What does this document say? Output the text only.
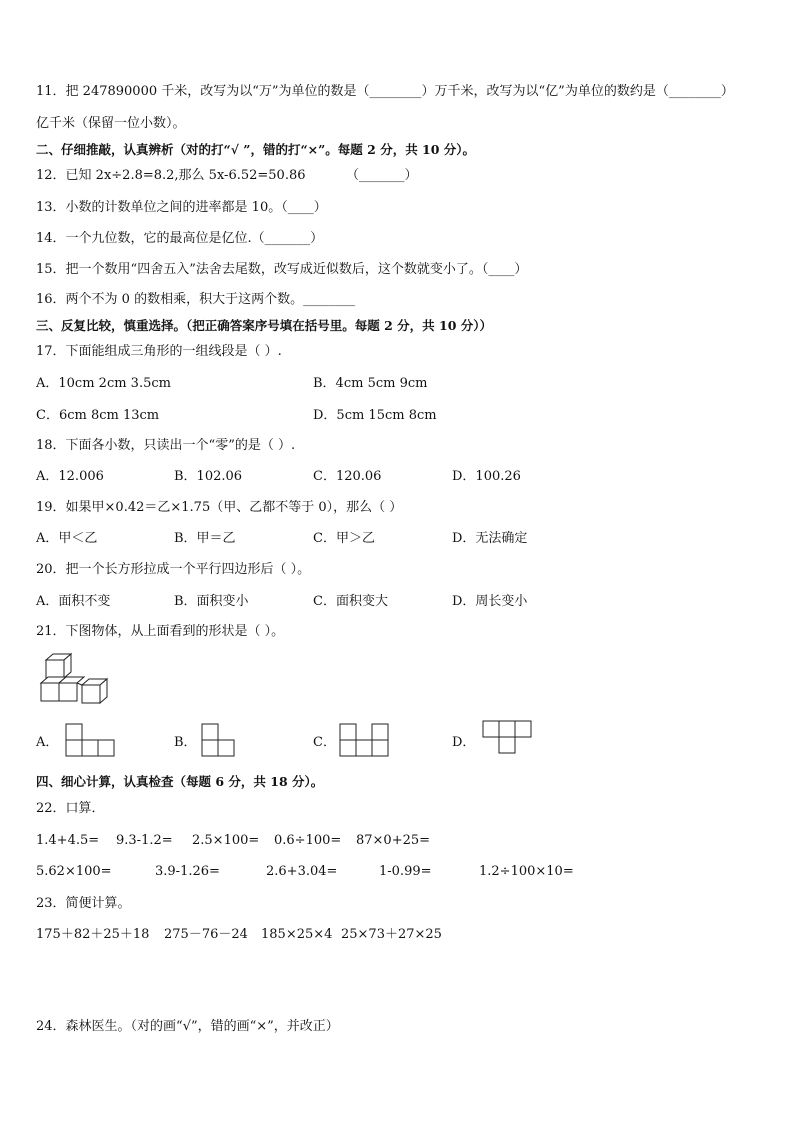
11．把 247890000 千米，改写为以“万”为单位的数是（________）万千米，改写为以“亿”为单位的数约是（________）
亿千米（保留一位小数）。
二、仔细推敲，认真辨析（对的打“√ ”，错的打“×”。每题 2 分，共 10 分）。
12．已知 2x÷2.8=8.2,那么 5x-6.52=50.86	（_______）
13．小数的计数单位之间的进率都是 10。（____）
14．一个九位数，它的最高位是亿位.（_______）
15．把一个数用“四舍五入”法舍去尾数，改写成近似数后，这个数就变小了。（____）
16．两个不为 0 的数相乘，积大于这两个数。________
三、反复比较，慎重选择。（把正确答案序号填在括号里。每题 2 分，共 10 分））
17．下面能组成三角形的一组线段是（ ）.
A．10cm 2cm 3.5cm	B．4cm 5cm 9cm
C．6cm 8cm 13cm	D．5cm 15cm 8cm
18．下面各小数，只读出一个“零”的是（ ）.
A．12.006	B．102.06	C．120.06	D．100.26
19．如果甲×0.42＝乙×1.75（甲、乙都不等于 0），那么（ ）
A．甲＜乙	B．甲＝乙	C．甲＞乙	D．无法确定
20．把一个长方形拉成一个平行四边形后（ ）。
A．面积不变	B．面积变小	C．面积变大	D．周长变小
21．下图物体，从上面看到的形状是（ ）。
A．	B．	C．	D．
四、细心计算，认真检查（每题 6 分，共 18 分）。
22．口算．
1.4+4.5= 9.3-1.2= 2.5×100= 0.6÷100= 87×0+25=
5.62×100=	3.9-1.26=	2.6+3.04=	1-0.99=	1.2÷100×10=
23．简便计算。
175＋82＋25＋18 275－76－24 185×25×4 25×73＋27×25
24．森林医生。（对的画“√”，错的画“×”，并改正）
